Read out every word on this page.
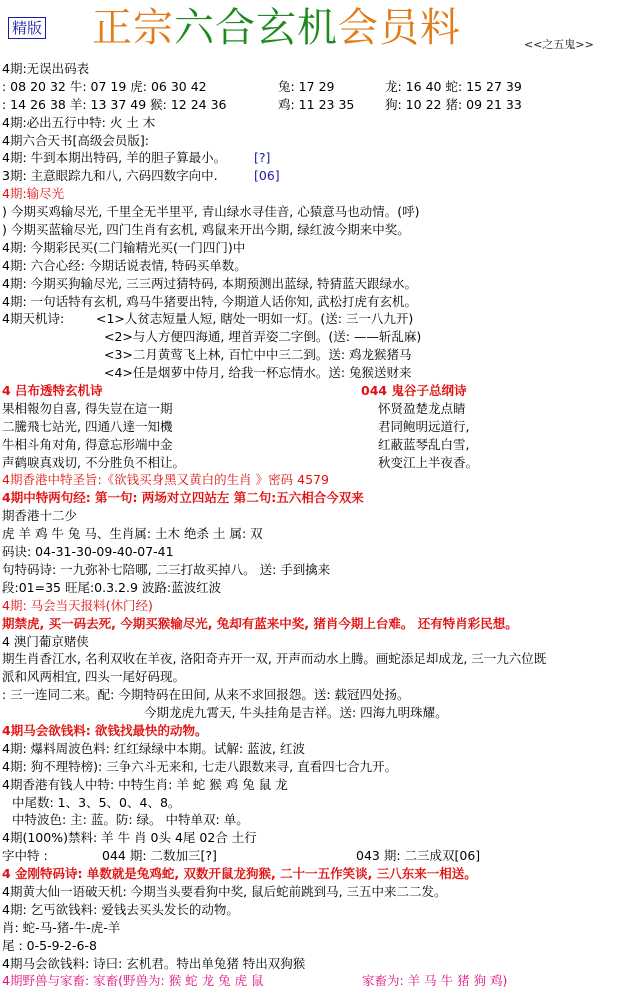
精版 正宗六合玄机会员料	<<之五鬼>>
4期:无误出码表
: 08 20 32 牛: 07 19 虎: 06 30 42	兔: 17 29	龙: 16 40 蛇: 15 27 39
: 14 26 38 羊: 13 37 49 猴: 12 24 36	鸡: 11 23 35 狗: 10 22 猪: 09 21 33
4期:必出五行中特: 火 土 木
4期六合天书[高级会员版]:
4期: 牛到本期出特码, 羊的胆子算最小。 [?]
3期: 主意眼踪九和八, 六码四数字向中.	[06]
4期:输尽光
) 今期买鸡输尽光, 千里全无半里平, 青山绿水寻佳音, 心猿意马也动情。(呼)
) 今期买蓝输尽光, 四门生肖有玄机, 鸡鼠来开出今期, 绿红波今期来中奖。
4期: 今期彩民买(二门输精光买(一门四门)中
4期: 六合心经: 今期话说表情, 特码买单数。
4期: 今期买狗输尽光, 三三两过猜特码, 本期预测出蓝绿, 特猜蓝天跟绿水。
4期: 一句话特有玄机, 鸡马牛猪要出特, 今期道人话你知, 武松打虎有玄机。
4期天机诗:	<1>人贫志短量人短, 瞎处一明如一灯。(送: 三一八九开)
<2>与人方便四海通, 埋首弄姿二字倒。(送: ——斩乱麻)
<3>二月黄莺飞上林, 百忙中中三二到。送: 鸡龙猴猪马
<4>任是烟萝中侍月, 给我一杯忘情水。送: 兔猴送财来
4 吕布透特玄机诗	044 鬼谷子总纲诗
果相報勿自喜, 得失豈在這一期	怀贤盈楚龙点睛
二騰飛七站光, 四通八達一知機	君同鲍明远道行,
牛相斗角对角, 得意忘形端中金	红蔽蓝琴乱白雪,
声鹤唳真戏切, 不分胜负不相让。	秋变江上半夜香。
4期香港中特圣旨:《欲钱买身黑又黄白的生肖 》密码 4579
4期中特两句经: 第一句: 两场对立四站左 第二句:五六相合今双来
期香港十二少
虎 羊 鸡 牛 兔 马、生肖属: 土木 绝杀 土 属: 双
码诀: 04-31-30-09-40-07-41
句特码诗: 一九弥补七陪哪, 二三打故买掉八。 送: 手到擒来
段:01=35 旺尾:0.3.2.9 波路:蓝波红波
4期: 马会当天报料(休门经)
期禁虎, 买一码去死, 今期买猴输尽光, 兔却有蓝来中奖, 猪肖今期上台难。 还有特肖彩民想。
4 澳门葡京赌侠
期生肖香江水, 名利双收在羊夜, 洛阳奇卉开一双, 开声而动水上腾。画蛇添足却成龙, 三一九六位既
派和风两相宜, 四头一尾好码现。
: 三一连同二来。配: 今期特码在田间, 从来不求回报怨。送: 载冠四处扬。
今期龙虎九霄天, 牛头挂角是吉祥。送: 四海九明珠耀。
4期马会欲钱料: 欲钱找最快的动物。
4期: 爆料周波色料: 红红绿绿中本期。试解: 蓝波, 红波
4期: 狗不理特榜): 三争六斗无来和, 七走八跟数来寻, 直看四七合九开。
4期香港有钱人中特: 中特生肖: 羊 蛇 猴 鸡 兔 鼠 龙
中尾数: 1、3、5、0、4、8。
中特波色: 主: 蓝。防: 绿。 中特单双: 单。
4期(100%)禁料: 羊 牛 肖 0头 4尾 02合 土行
字中特 :	044 期: 二数加三[?]	043 期: 二三成双[06]
4 金刚特码诗: 单数就是兔鸡蛇, 双数开鼠龙狗猴, 二十一五作笑谈, 三八东来一相送。
4期黄大仙一语破天机: 今期当头要看狗中奖, 鼠后蛇前跳到马, 三五中来二二发。
4期: 乞丐欲钱料: 爱钱去买头发长的动物。
肖: 蛇-马-猪-牛-虎-羊
尾 : 0-5-9-2-6-8
4期马会欲钱料: 诗曰: 玄机君。特出单兔猪 特出双狗猴
4期野兽与家畜: 家畜(野兽为: 猴 蛇 龙 兔 虎 鼠	家畜为: 羊 马 牛 猪 狗 鸡)
